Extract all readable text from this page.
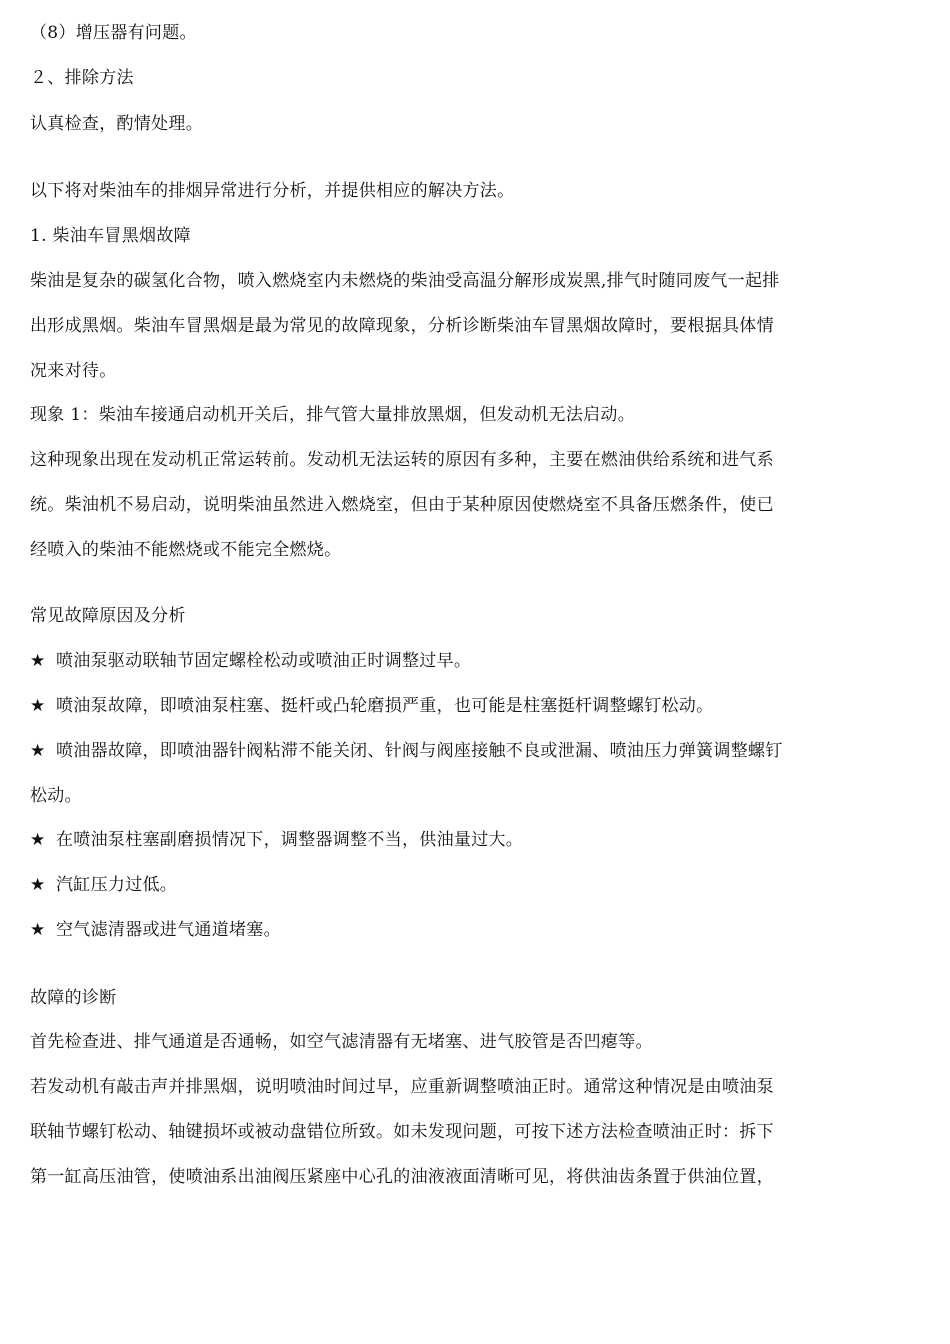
（8）增压器有问题。
２、排除方法
认真检查，酌情处理。
以下将对柴油车的排烟异常进行分析，并提供相应的解决方法。
1. 柴油车冒黑烟故障
柴油是复杂的碳氢化合物，喷入燃烧室内未燃烧的柴油受高温分解形成炭黑,排气时随同废气一起排
出形成黑烟。柴油车冒黑烟是最为常见的故障现象，分析诊断柴油车冒黑烟故障时，要根据具体情
况来对待。
现象 1：柴油车接通启动机开关后，排气管大量排放黑烟，但发动机无法启动。
这种现象出现在发动机正常运转前。发动机无法运转的原因有多种，主要在燃油供给系统和进气系
统。柴油机不易启动，说明柴油虽然进入燃烧室，但由于某种原因使燃烧室不具备压燃条件，使已
经喷入的柴油不能燃烧或不能完全燃烧。
常见故障原因及分析
★ 喷油泵驱动联轴节固定螺栓松动或喷油正时调整过早。
★ 喷油泵故障，即喷油泵柱塞、挺杆或凸轮磨损严重，也可能是柱塞挺杆调整螺钉松动。
★ 喷油器故障，即喷油器针阀粘滞不能关闭、针阀与阀座接触不良或泄漏、喷油压力弹簧调整螺钉
松动。
★ 在喷油泵柱塞副磨损情况下，调整器调整不当，供油量过大。
★ 汽缸压力过低。
★ 空气滤清器或进气通道堵塞。
故障的诊断
首先检查进、排气通道是否通畅，如空气滤清器有无堵塞、进气胶管是否凹瘪等。
若发动机有敲击声并排黑烟，说明喷油时间过早，应重新调整喷油正时。通常这种情况是由喷油泵
联轴节螺钉松动、轴键损坏或被动盘错位所致。如未发现问题，可按下述方法检查喷油正时：拆下
第一缸高压油管，使喷油系出油阀压紧座中心孔的油液液面清晰可见，将供油齿条置于供油位置，
